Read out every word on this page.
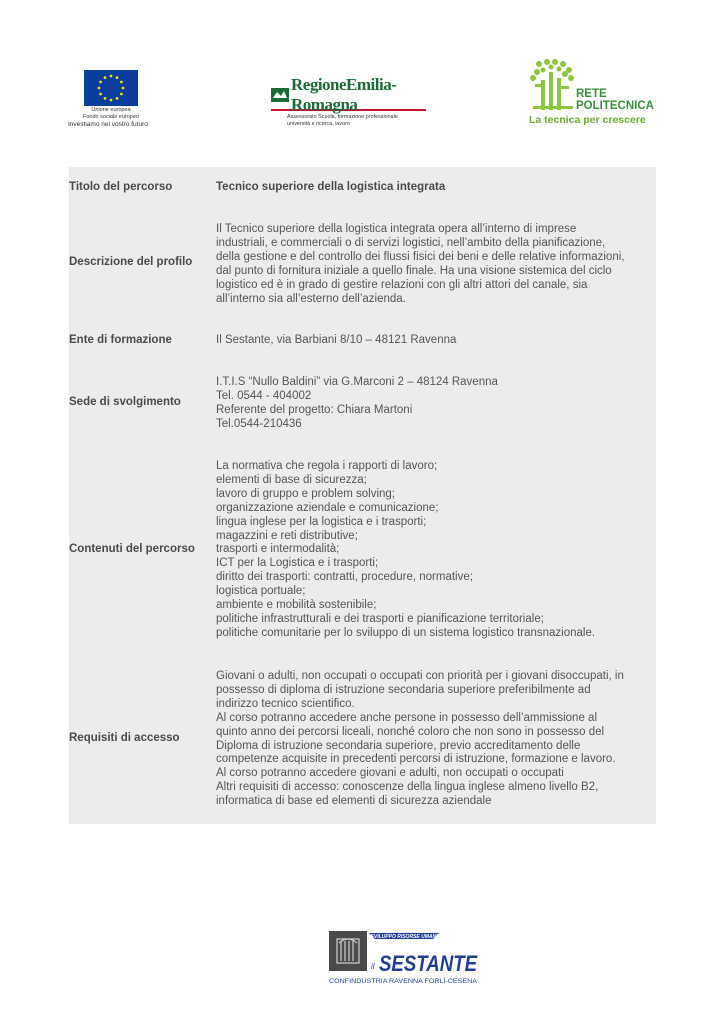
Unione europea
Fondo sociale europeo
Investiamo nel vostro futuro
RegioneEmilia-Romagna
Assessorato Scuola, formazione professionale
università e ricerca, lavoro
RETE
POLITECNICA
La tecnica per crescere
Titolo del percorso	Tecnico superiore della logistica integrata

Descrizione del profilo

Il Tecnico superiore della logistica integrata opera all’interno di imprese

industriali, e commerciali o di servizi logistici, nell’ambito della pianificazione,

della gestione e del controllo dei flussi fisici dei beni e delle relative informazioni,

dal punto di fornitura iniziale a quello finale. Ha una visione sistemica del ciclo

logistico ed è in grado di gestire relazioni con gli altri attori del canale, sia

all’interno sia all’esterno dell’azienda.

Ente di formazione	Il Sestante, via Barbiani 8/10 – 48121 Ravenna

Sede di svolgimento

I.T.I.S “Nullo Baldini” via G.Marconi 2 – 48124 Ravenna

Tel. 0544 - 404002

Referente del progetto: Chiara Martoni

Tel.0544-210436

Contenuti del percorso

La normativa che regola i rapporti di lavoro;

elementi di base di sicurezza;

lavoro di gruppo e problem solving;

organizzazione aziendale e comunicazione;

lingua inglese per la logistica e i trasporti;

magazzini e reti distributive;

trasporti e intermodalità;

ICT per la Logistica e i trasporti;

diritto dei trasporti: contratti, procedure, normative;

logistica portuale;

ambiente e mobilità sostenibile;

politiche infrastrutturali e dei trasporti e pianificazione territoriale;

politiche comunitarie per lo sviluppo di un sistema logistico transnazionale.

Requisiti di accesso

Giovani o adulti, non occupati o occupati con priorità per i giovani disoccupati, in

possesso di diploma di istruzione secondaria superiore preferibilmente ad

indirizzo tecnico scientifico.

Al corso potranno accedere anche persone in possesso dell’ammissione al

quinto anno dei percorsi liceali, nonché coloro che non sono in possesso del

Diploma di istruzione secondaria superiore, previo accreditamento delle

competenze acquisite in precedenti percorsi di istruzione, formazione e lavoro.

Al corso potranno accedere giovani e adulti, non occupati o occupati

Altri requisiti di accesso: conoscenze della lingua inglese almeno livello B2,

informatica di base ed elementi di sicurezza aziendale

SVILUPPO RISORSE UMANE
il SESTANTE
CONFINDUSTRIA RAVENNA FORLÌ-CESENA
